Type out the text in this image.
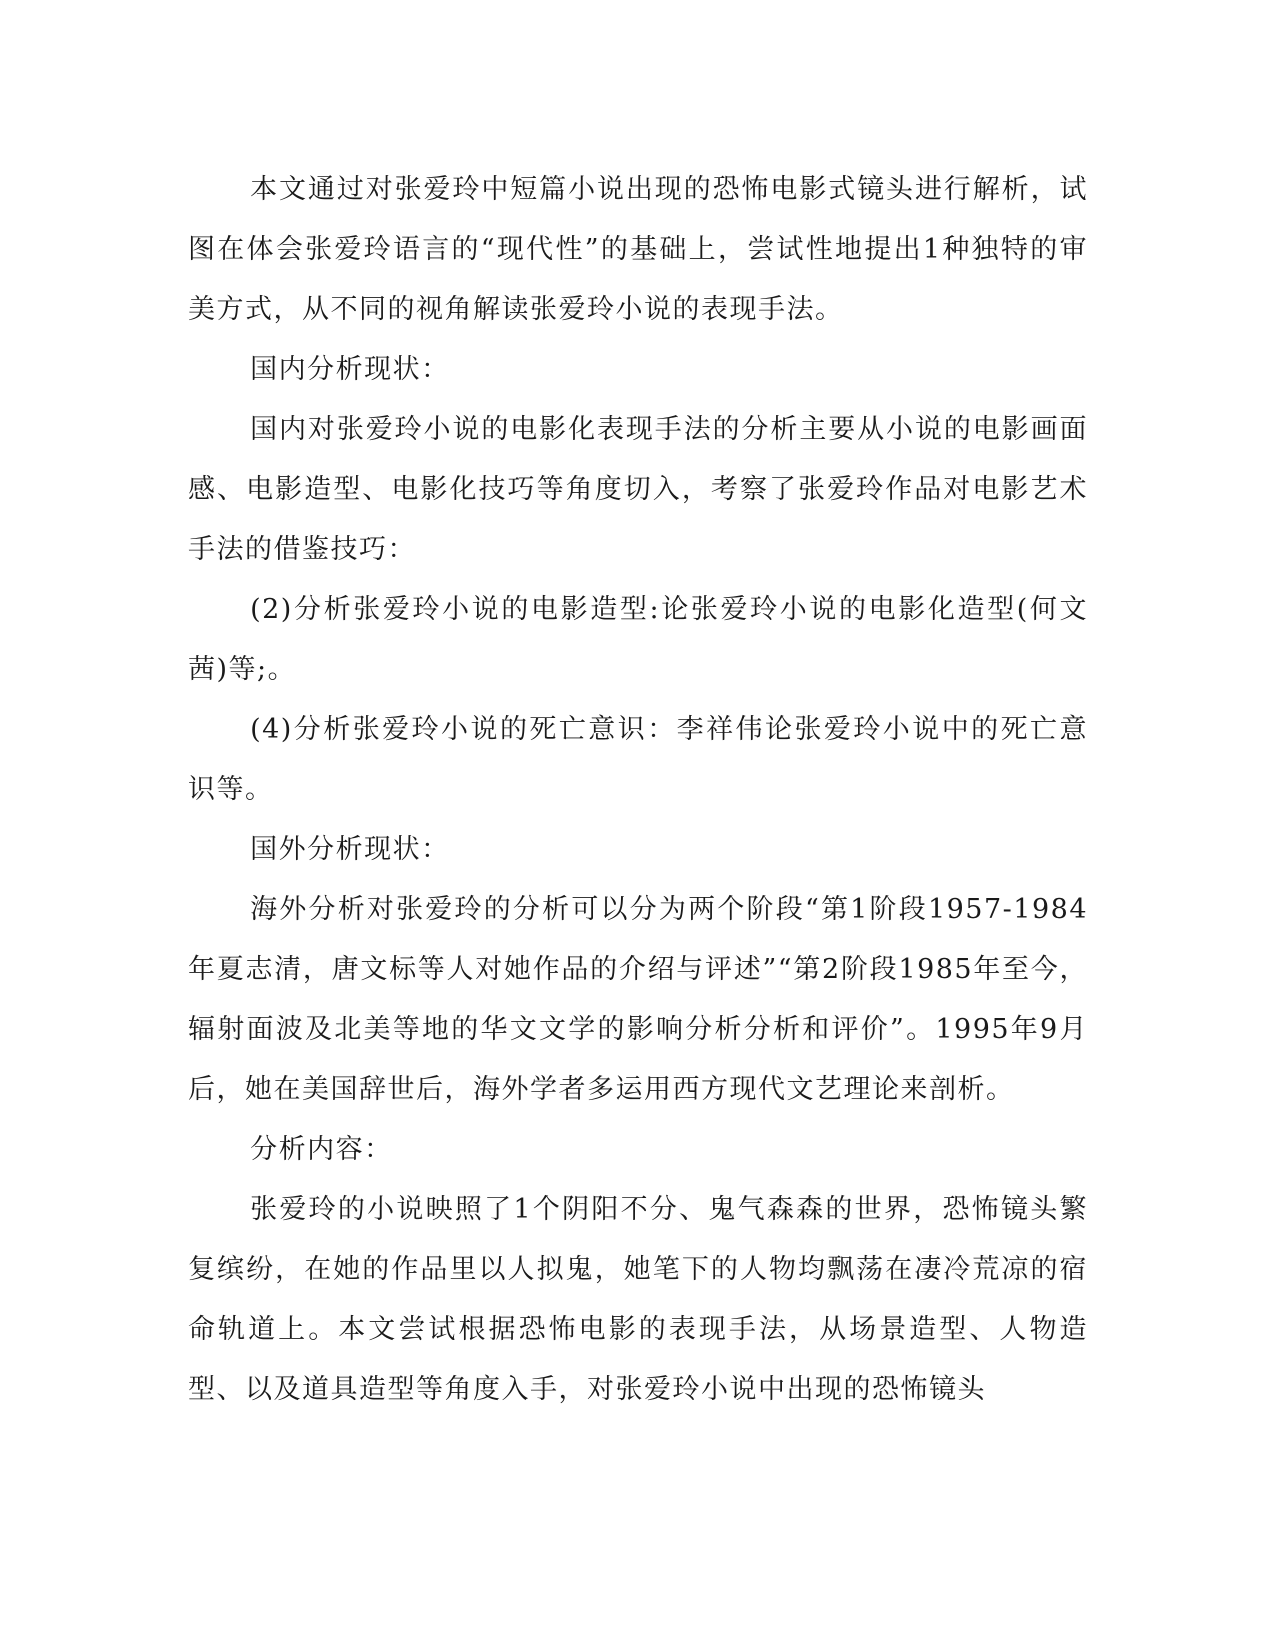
本文通过对张爱玲中短篇小说出现的恐怖电影式镜头进行解析，试图在体会张爱玲语言的“现代性”的基础上，尝试性地提出1种独特的审美方式，从不同的视角解读张爱玲小说的表现手法。

国内分析现状：

国内对张爱玲小说的电影化表现手法的分析主要从小说的电影画面感、电影造型、电影化技巧等角度切入，考察了张爱玲作品对电影艺术手法的借鉴技巧：

(2)分析张爱玲小说的电影造型:论张爱玲小说的电影化造型(何文茜)等;。

(4)分析张爱玲小说的死亡意识：李祥伟论张爱玲小说中的死亡意识等。

国外分析现状：

海外分析对张爱玲的分析可以分为两个阶段“第1阶段1957-1984年夏志清，唐文标等人对她作品的介绍与评述”“第2阶段1985年至今，辐射面波及北美等地的华文文学的影响分析分析和评价”。1995年9月后，她在美国辞世后，海外学者多运用西方现代文艺理论来剖析。

分析内容：

张爱玲的小说映照了1个阴阳不分、鬼气森森的世界，恐怖镜头繁复缤纷，在她的作品里以人拟鬼，她笔下的人物均飘荡在凄冷荒凉的宿命轨道上。本文尝试根据恐怖电影的表现手法，从场景造型、人物造型、以及道具造型等角度入手，对张爱玲小说中出现的恐怖镜头
